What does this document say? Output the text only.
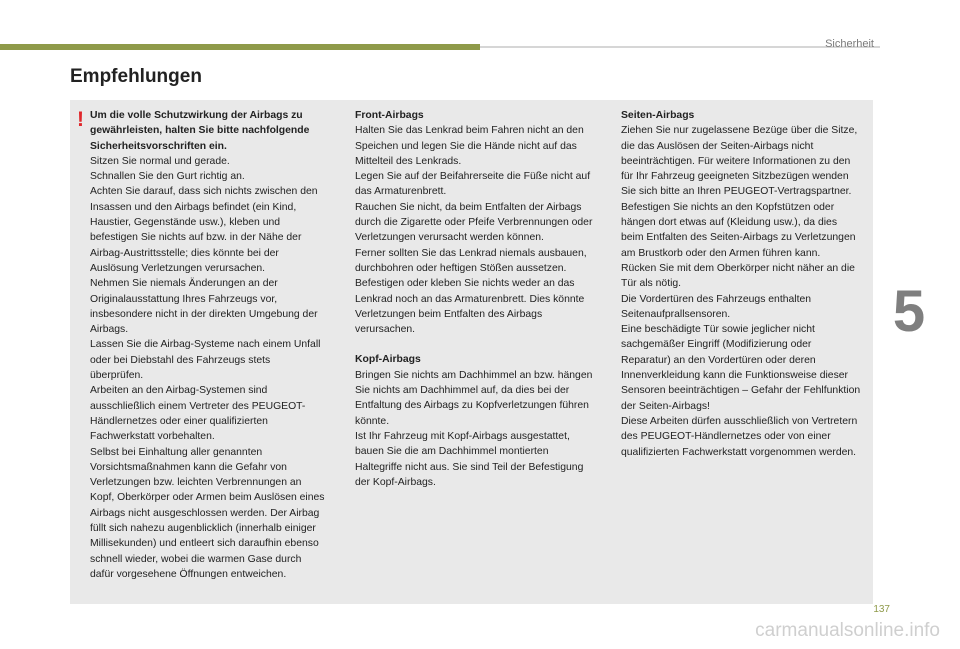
Sicherheit
Empfehlungen
! Um die volle Schutzwirkung der Airbags zu gewährleisten, halten Sie bitte nachfolgende Sicherheitsvorschriften ein.

Sitzen Sie normal und gerade.
Schnallen Sie den Gurt richtig an.
Achten Sie darauf, dass sich nichts zwischen den Insassen und den Airbags befindet (ein Kind, Haustier, Gegenstände usw.), kleben und befestigen Sie nichts auf bzw. in der Nähe der Airbag-Austrittsstelle; dies könnte bei der Auslösung Verletzungen verursachen.
Nehmen Sie niemals Änderungen an der Originalausstattung Ihres Fahrzeugs vor, insbesondere nicht in der direkten Umgebung der Airbags.
Lassen Sie die Airbag-Systeme nach einem Unfall oder bei Diebstahl des Fahrzeugs stets überprüfen.
Arbeiten an den Airbag-Systemen sind ausschließlich einem Vertreter des PEUGEOT-Händlernetzes oder einer qualifizierten Fachwerkstatt vorbehalten.
Selbst bei Einhaltung aller genannten Vorsichtsmaßnahmen kann die Gefahr von Verletzungen bzw. leichten Verbrennungen an Kopf, Oberkörper oder Armen beim Auslösen eines Airbags nicht ausgeschlossen werden. Der Airbag füllt sich nahezu augenblicklich (innerhalb einiger Millisekunden) und entleert sich daraufhin ebenso schnell wieder, wobei die warmen Gase durch dafür vorgesehene Öffnungen entweichen.

Front-Airbags

Halten Sie das Lenkrad beim Fahren nicht an den Speichen und legen Sie die Hände nicht auf das Mittelteil des Lenkrads.
Legen Sie auf der Beifahrerseite die Füße nicht auf das Armaturenbrett.
Rauchen Sie nicht, da beim Entfalten der Airbags durch die Zigarette oder Pfeife Verbrennungen oder Verletzungen verursacht werden können.
Ferner sollten Sie das Lenkrad niemals ausbauen, durchbohren oder heftigen Stößen aussetzen.
Befestigen oder kleben Sie nichts weder an das Lenkrad noch an das Armaturenbrett. Dies könnte Verletzungen beim Entfalten des Airbags verursachen.

Kopf-Airbags

Bringen Sie nichts am Dachhimmel an bzw. hängen Sie nichts am Dachhimmel auf, da dies bei der Entfaltung des Airbags zu Kopfverletzungen führen könnte.
Ist Ihr Fahrzeug mit Kopf-Airbags ausgestattet, bauen Sie die am Dachhimmel montierten Haltegriffe nicht aus. Sie sind Teil der Befestigung der Kopf-Airbags.

Seiten-Airbags

Ziehen Sie nur zugelassene Bezüge über die Sitze, die das Auslösen der Seiten-Airbags nicht beeinträchtigen. Für weitere Informationen zu den für Ihr Fahrzeug geeigneten Sitzbezügen wenden Sie sich bitte an Ihren PEUGEOT-Vertragspartner.
Befestigen Sie nichts an den Kopfstützen oder hängen dort etwas auf (Kleidung usw.), da dies beim Entfalten des Seiten-Airbags zu Verletzungen am Brustkorb oder den Armen führen kann.
Rücken Sie mit dem Oberkörper nicht näher an die Tür als nötig.
Die Vordertüren des Fahrzeugs enthalten Seitenaufprallsensoren.
Eine beschädigte Tür sowie jeglicher nicht sachgemäßer Eingriff (Modifizierung oder Reparatur) an den Vordertüren oder deren Innenverkleidung kann die Funktionsweise dieser Sensoren beeinträchtigen – Gefahr der Fehlfunktion der Seiten-Airbags!
Diese Arbeiten dürfen ausschließlich von Vertretern des PEUGEOT-Händlernetzes oder von einer qualifizierten Fachwerkstatt vorgenommen werden.

5
137
carmanualsonline.info
